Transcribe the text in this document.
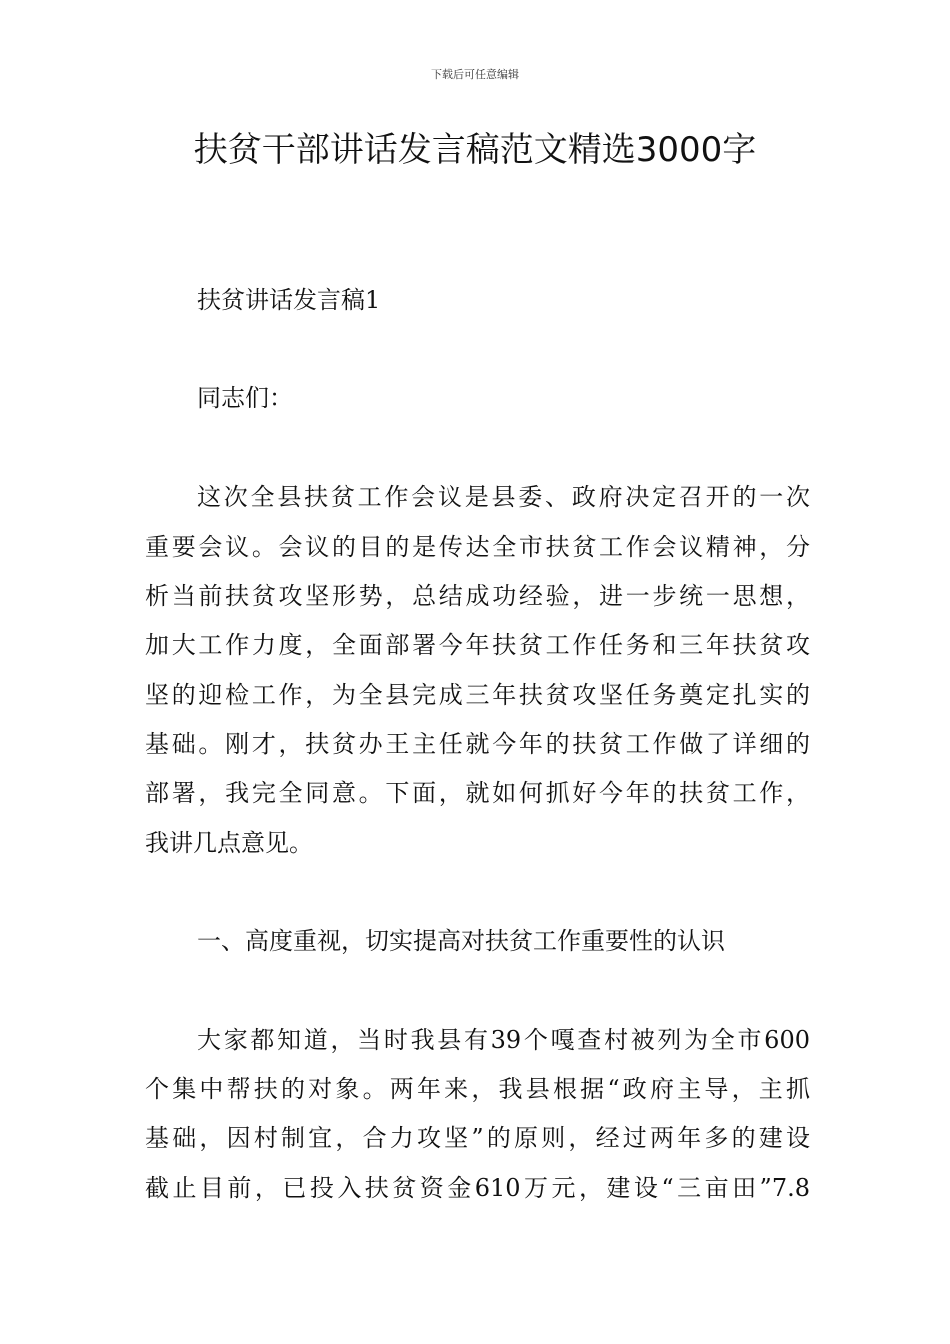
下载后可任意编辑
扶贫干部讲话发言稿范文精选3000字
扶贫讲话发言稿1
同志们：
这次全县扶贫工作会议是县委、政府决定召开的一次
重要会议。会议的目的是传达全市扶贫工作会议精神，分
析当前扶贫攻坚形势，总结成功经验，进一步统一思想，
加大工作力度，全面部署今年扶贫工作任务和三年扶贫攻
坚的迎检工作，为全县完成三年扶贫攻坚任务奠定扎实的
基础。刚才，扶贫办王主任就今年的扶贫工作做了详细的
部署，我完全同意。下面，就如何抓好今年的扶贫工作，
我讲几点意见。
一、高度重视，切实提高对扶贫工作重要性的认识
大家都知道，当时我县有39个嘎查村被列为全市600
个集中帮扶的对象。两年来，我县根据“政府主导，主抓
基础，因村制宜，合力攻坚”的原则，经过两年多的建设
截止目前，已投入扶贫资金610万元，建设“三亩田”7.8
